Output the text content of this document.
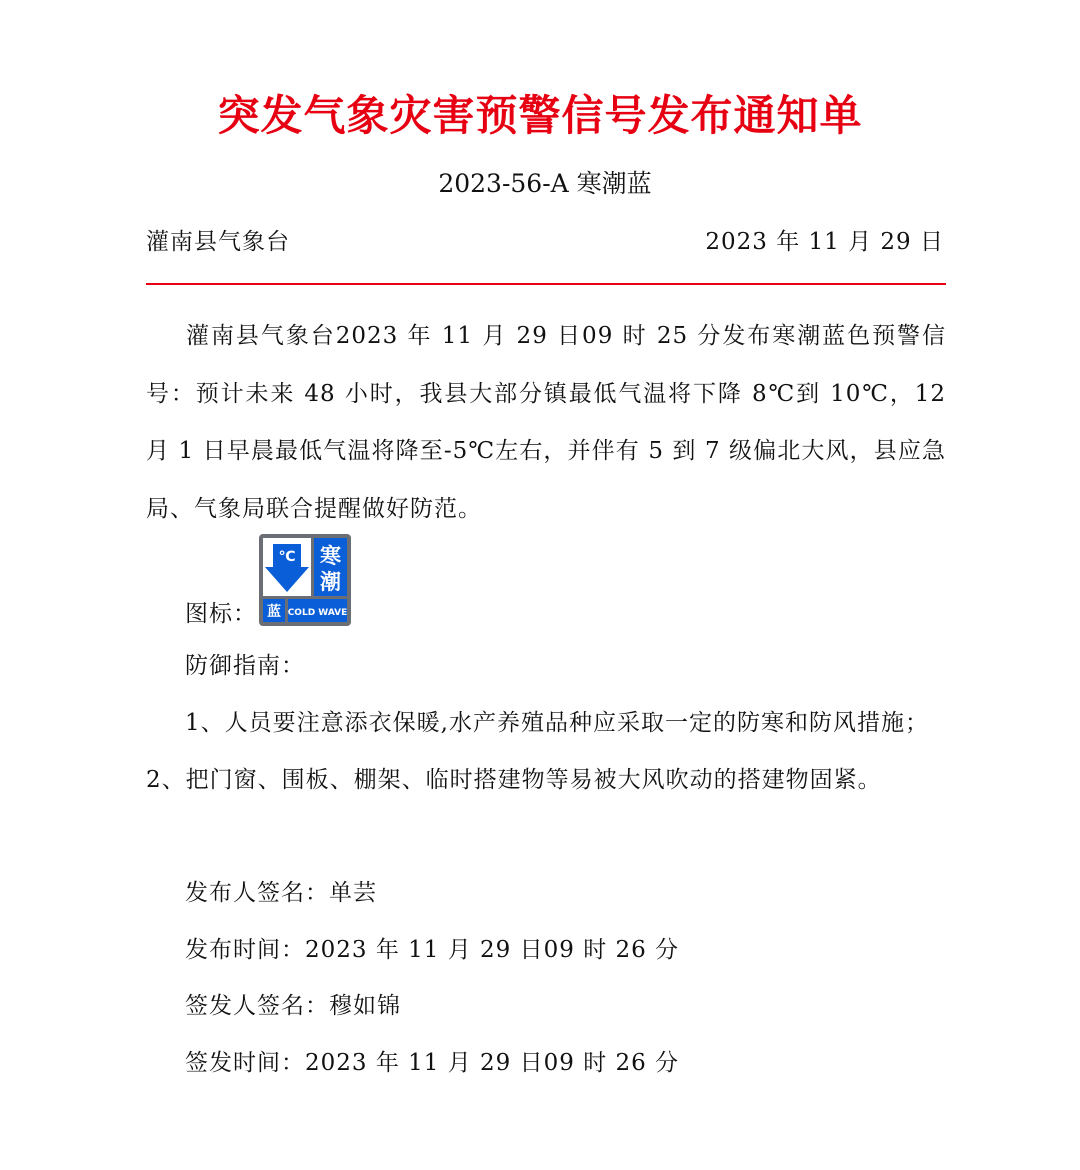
突发气象灾害预警信号发布通知单
2023-56-A 寒潮蓝
灌南县气象台	2023 年 11 月 29 日
灌南县气象台2023 年 11 月 29 日09 时 25 分发布寒潮蓝色预警信号：预计未来 48 小时，我县大部分镇最低气温将下降 8℃到 10℃，12 月 1 日早晨最低气温将降至-5℃左右，并伴有 5 到 7 级偏北大风，县应急局、气象局联合提醒做好防范。
图标：
℃ 寒
潮
蓝 COLD WAVE
防御指南：
1、人员要注意添衣保暖,水产养殖品种应采取一定的防寒和防风措施；
2、把门窗、围板、棚架、临时搭建物等易被大风吹动的搭建物固紧。
发布人签名：单芸
发布时间：2023 年 11 月 29 日09 时 26 分
签发人签名：穆如锦
签发时间：2023 年 11 月 29 日09 时 26 分
